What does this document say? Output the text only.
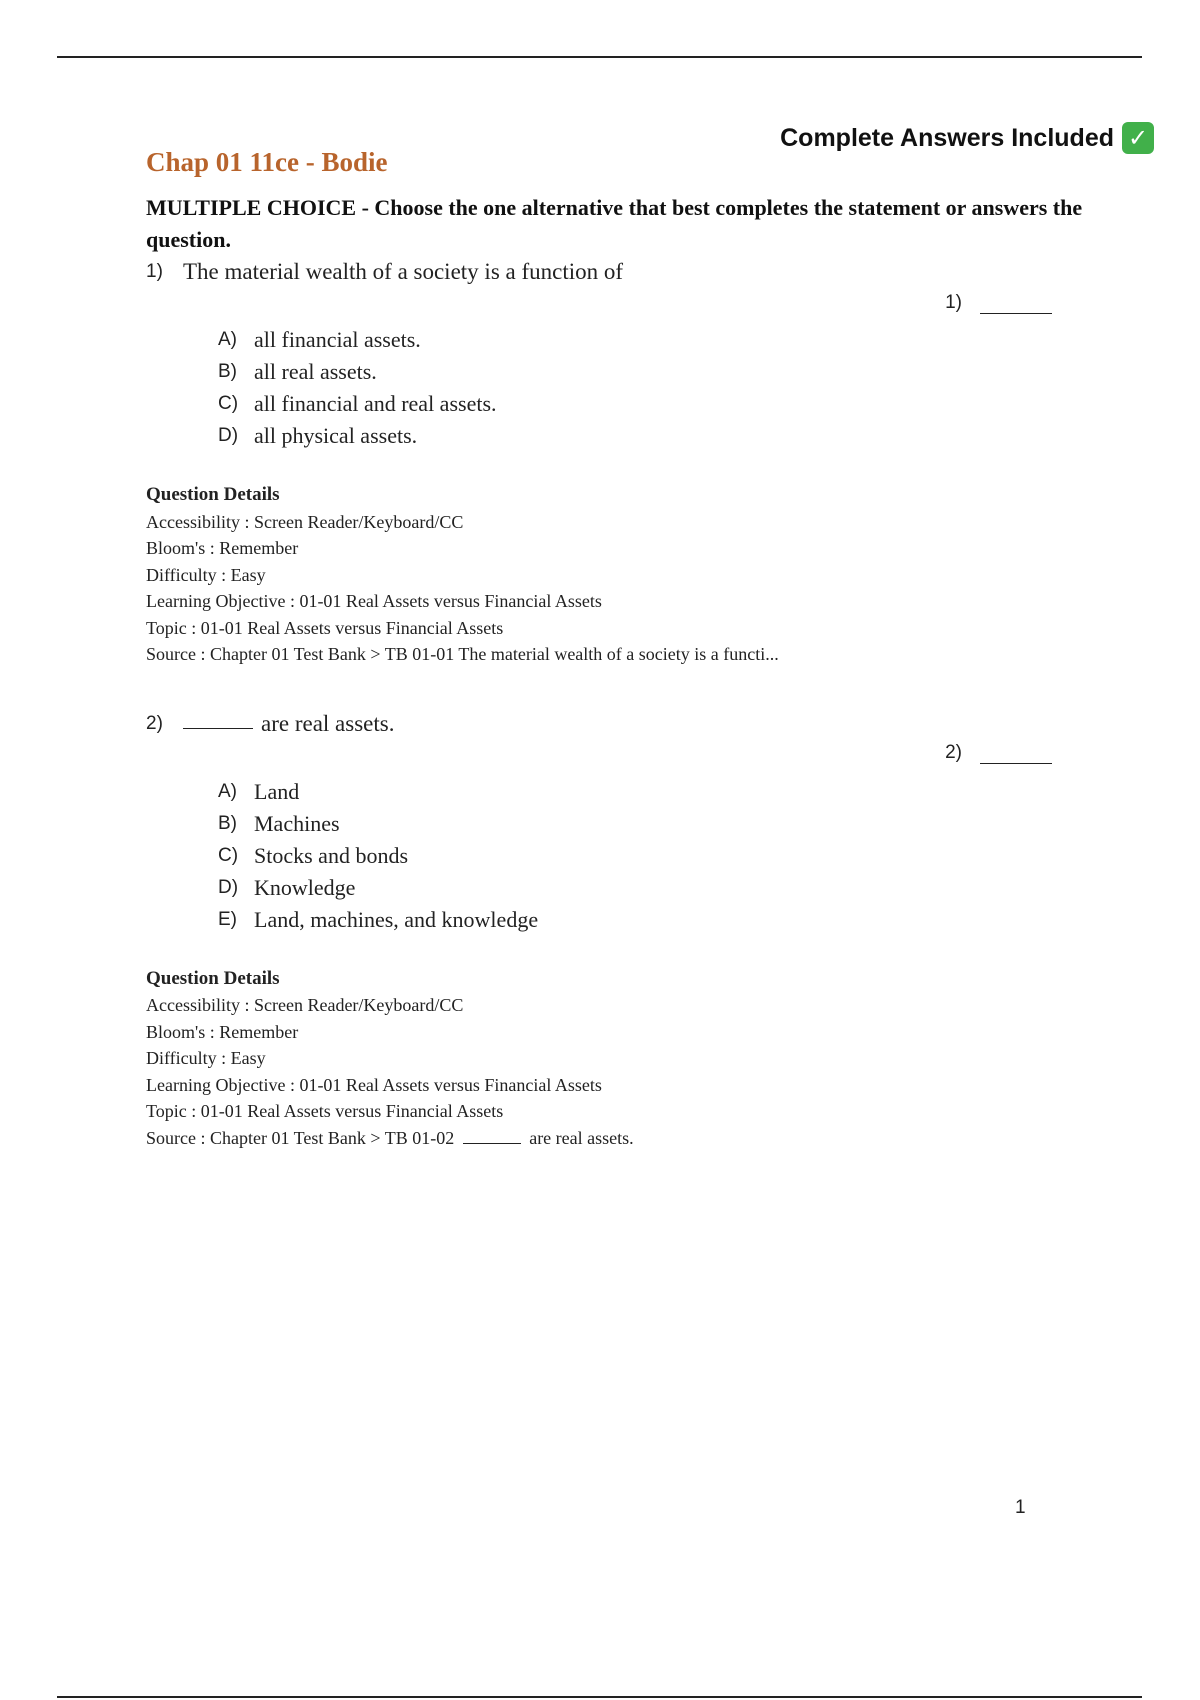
Complete Answers Included ✓
Chap 01 11ce - Bodie

MULTIPLE CHOICE - Choose the one alternative that best completes the statement or answers the question.

1) The material wealth of a society is a function of
1)
A) all financial assets.
B) all real assets.
C) all financial and real assets.
D) all physical assets.
Question Details
Accessibility : Screen Reader/Keyboard/CC
Bloom's : Remember
Difficulty : Easy
Learning Objective : 01-01 Real Assets versus Financial Assets
Topic : 01-01 Real Assets versus Financial Assets
Source : Chapter 01 Test Bank > TB 01-01 The material wealth of a society is a functi...
2)	are real assets.
2)
A) Land
B) Machines
C) Stocks and bonds
D) Knowledge
E) Land, machines, and knowledge
Question Details
Accessibility : Screen Reader/Keyboard/CC
Bloom's : Remember
Difficulty : Easy
Learning Objective : 01-01 Real Assets versus Financial Assets
Topic : 01-01 Real Assets versus Financial Assets
Source : Chapter 01 Test Bank > TB 01-02	are real assets.
1
